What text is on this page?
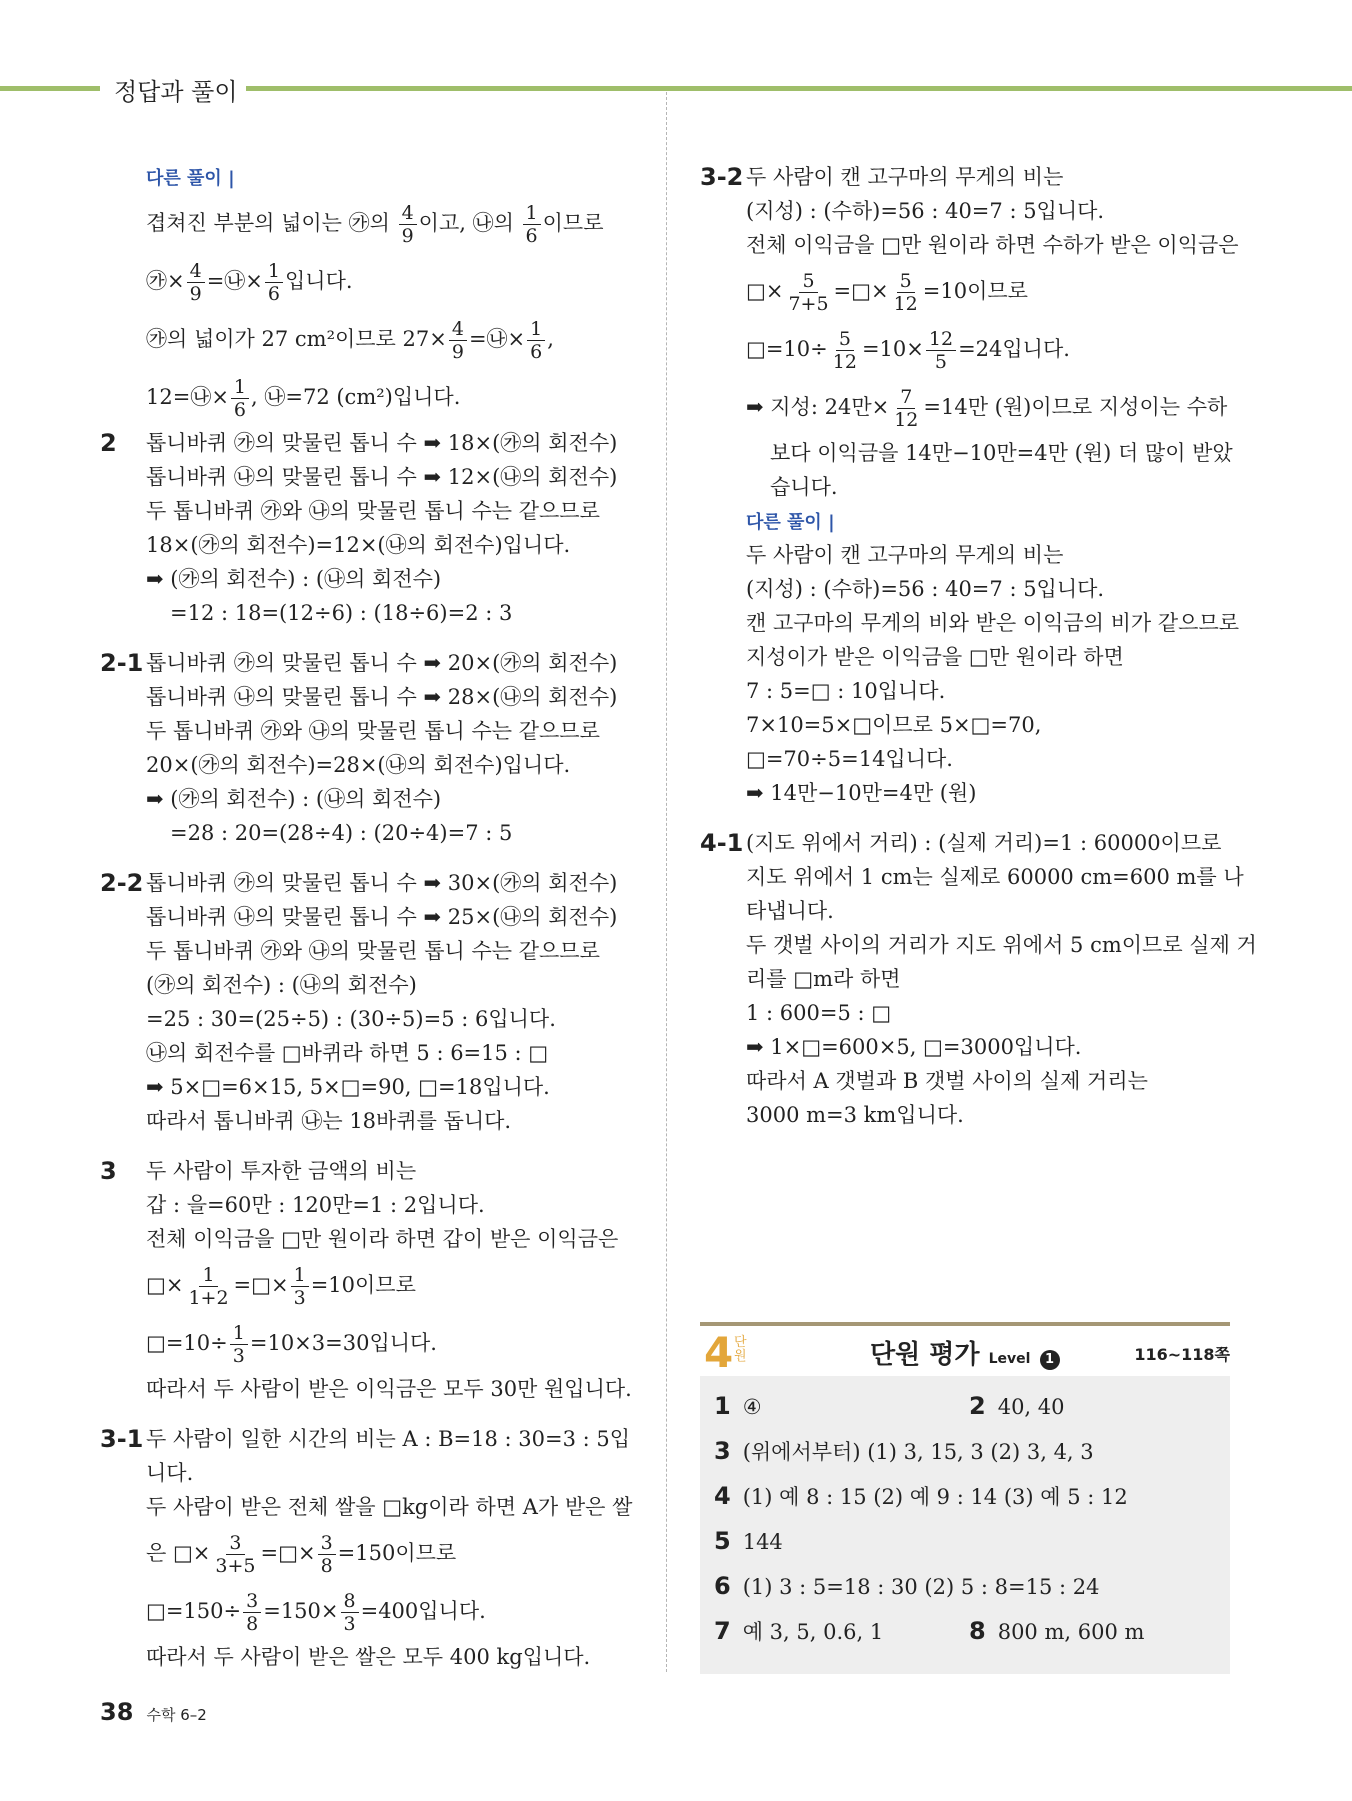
정답과 풀이
다른 풀이 |
겹쳐진 부분의 넓이는 ㉮의 $\frac{4}{9}$ 이고, ㉯의 $\frac{1}{6}$ 이므로
㉮× $\frac{4}{9}$ =㉯× $\frac{1}{6}$ 입니다.
㉮의 넓이가 27 cm²이므로 $27\times \frac{4}{9}$ =㉯× $\frac{1}{6}$ ,
12=㉯× $\frac{1}{6}$ , ㉯=72 (cm²)입니다.
2 톱니바퀴 ㉮의 맞물린 톱니 수 ➡ 18×(㉮의 회전수)
톱니바퀴 ㉯의 맞물린 톱니 수 ➡ 12×(㉯의 회전수)
두 톱니바퀴 ㉮와 ㉯의 맞물린 톱니 수는 같으므로
18×(㉮의 회전수)=12×(㉯의 회전수)입니다.
➡ (㉮의 회전수) : (㉯의 회전수)
=12 : 18=(12÷6) : (18÷6)=2 : 3
2-1 톱니바퀴 ㉮의 맞물린 톱니 수 ➡ 20×(㉮의 회전수)
톱니바퀴 ㉯의 맞물린 톱니 수 ➡ 28×(㉯의 회전수)
두 톱니바퀴 ㉮와 ㉯의 맞물린 톱니 수는 같으므로
20×(㉮의 회전수)=28×(㉯의 회전수)입니다.
➡ (㉮의 회전수) : (㉯의 회전수)
=28 : 20=(28÷4) : (20÷4)=7 : 5
2-2 톱니바퀴 ㉮의 맞물린 톱니 수 ➡ 30×(㉮의 회전수)
톱니바퀴 ㉯의 맞물린 톱니 수 ➡ 25×(㉯의 회전수)
두 톱니바퀴 ㉮와 ㉯의 맞물린 톱니 수는 같으므로
(㉮의 회전수) : (㉯의 회전수)
=25 : 30=(25÷5) : (30÷5)=5 : 6입니다.
㉯의 회전수를 □바퀴라 하면 5 : 6=15 : □
➡ 5×□=6×15, 5×□=90, □=18입니다.
따라서 톱니바퀴 ㉯는 18바퀴를 돕니다.
3 두 사람이 투자한 금액의 비는
갑 : 을=60만 : 120만=1 : 2입니다.
전체 이익금을 □만 원이라 하면 갑이 받은 이익금은
□× $\frac{1}{1+2}$ =□× $\frac{1}{3} =10$이므로
□=10÷ $\frac{1}{3} =10\times 3=30$입니다.
따라서 두 사람이 받은 이익금은 모두 30만 원입니다.
3-1 두 사람이 일한 시간의 비는 A : B=18 : 30=3 : 5입
니다.
두 사람이 받은 전체 쌀을 □kg이라 하면 A가 받은 쌀
은 □× $\frac{3}{3+5}$ =□× $\frac{3}{8} =150$이므로
□=150÷ $\frac{3}{8} =150\times \frac{8}{3} =400$입니다.
따라서 두 사람이 받은 쌀은 모두 400 kg입니다.
3-2 두 사람이 캔 고구마의 무게의 비는
(지성) : (수하)=56 : 40=7 : 5입니다.
전체 이익금을 □만 원이라 하면 수하가 받은 이익금은
□× $\frac{5}{7+5}$ =□× $\frac{5}{12} =10$이므로
□=10÷ $\frac{5}{12} =10\times \frac{12}{5} =24$입니다.
➡ 지성: 24만× $\frac{7}{12} =14$만 (원)이므로 지성이는 수하
보다 이익금을 14만−10만=4만 (원) 더 많이 받았
습니다.
다른 풀이 |
두 사람이 캔 고구마의 무게의 비는
(지성) : (수하)=56 : 40=7 : 5입니다.
캔 고구마의 무게의 비와 받은 이익금의 비가 같으므로
지성이가 받은 이익금을 □만 원이라 하면
7 : 5=□ : 10입니다.
7×10=5×□이므로 5×□=70,
□=70÷5=14입니다.
➡ 14만−10만=4만 (원)
4-1 (지도 위에서 거리) : (실제 거리)=1 : 60000이므로
지도 위에서 1 cm는 실제로 60000 cm=600 m를 나
타냅니다.
두 갯벌 사이의 거리가 지도 위에서 5 cm이므로 실제 거
리를 □m라 하면
1 : 600=5 : □
➡ 1×□=600×5, □=3000입니다.
따라서 A 갯벌과 B 갯벌 사이의 실제 거리는
3000 m=3 km입니다.
4 단
원	단원 평가 Level 1	116~118쪽
1 ④	2 40, 40
3 (위에서부터) (1) 3, 15, 3 (2) 3, 4, 3
4 (1) 예 8 : 15 (2) 예 9 : 14 (3) 예 5 : 12
5 144
6 (1) 3 : 5=18 : 30 (2) 5 : 8=15 : 24
7 예 3, 5, 0.6, 1	8 800 m, 600 m
38 수학 6–2
